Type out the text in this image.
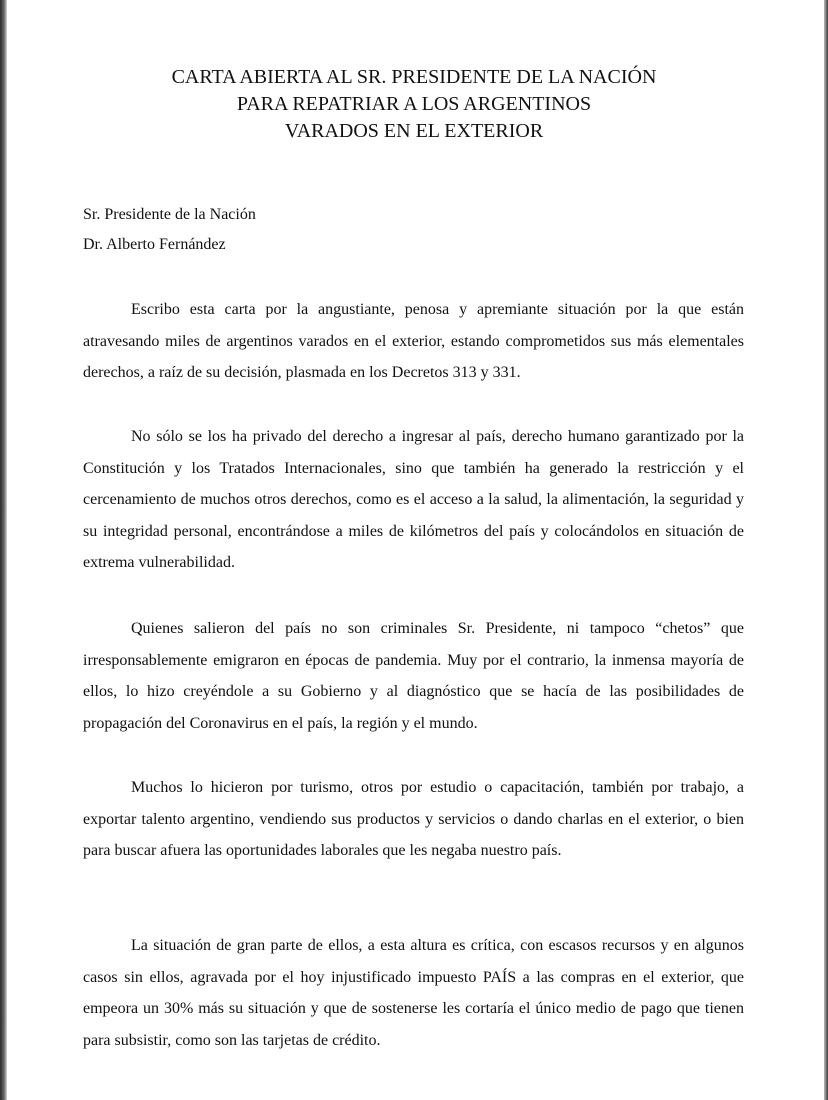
CARTA ABIERTA AL SR. PRESIDENTE DE LA NACIÓN
PARA REPATRIAR A LOS ARGENTINOS
VARADOS EN EL EXTERIOR
Sr. Presidente de la Nación
Dr. Alberto Fernández

Escribo esta carta por la angustiante, penosa y apremiante situación por la que están atravesando miles de argentinos varados en el exterior, estando comprometidos sus más elementales derechos, a raíz de su decisión, plasmada en los Decretos 313 y 331.

No sólo se los ha privado del derecho a ingresar al país, derecho humano garantizado por la Constitución y los Tratados Internacionales, sino que también ha generado la restricción y el cercenamiento de muchos otros derechos, como es el acceso a la salud, la alimentación, la seguridad y su integridad personal, encontrándose a miles de kilómetros del país y colocándolos en situación de extrema vulnerabilidad.

Quienes salieron del país no son criminales Sr. Presidente, ni tampoco “chetos” que irresponsablemente emigraron en épocas de pandemia. Muy por el contrario, la inmensa mayoría de ellos, lo hizo creyéndole a su Gobierno y al diagnóstico que se hacía de las posibilidades de propagación del Coronavirus en el país, la región y el mundo.

Muchos lo hicieron por turismo, otros por estudio o capacitación, también por trabajo, a exportar talento argentino, vendiendo sus productos y servicios o dando charlas en el exterior, o bien para buscar afuera las oportunidades laborales que les negaba nuestro país.

La situación de gran parte de ellos, a esta altura es crítica, con escasos recursos y en algunos casos sin ellos, agravada por el hoy injustificado impuesto PAÍS a las compras en el exterior, que empeora un 30% más su situación y que de sostenerse les cortaría el único medio de pago que tienen para subsistir, como son las tarjetas de crédito.
